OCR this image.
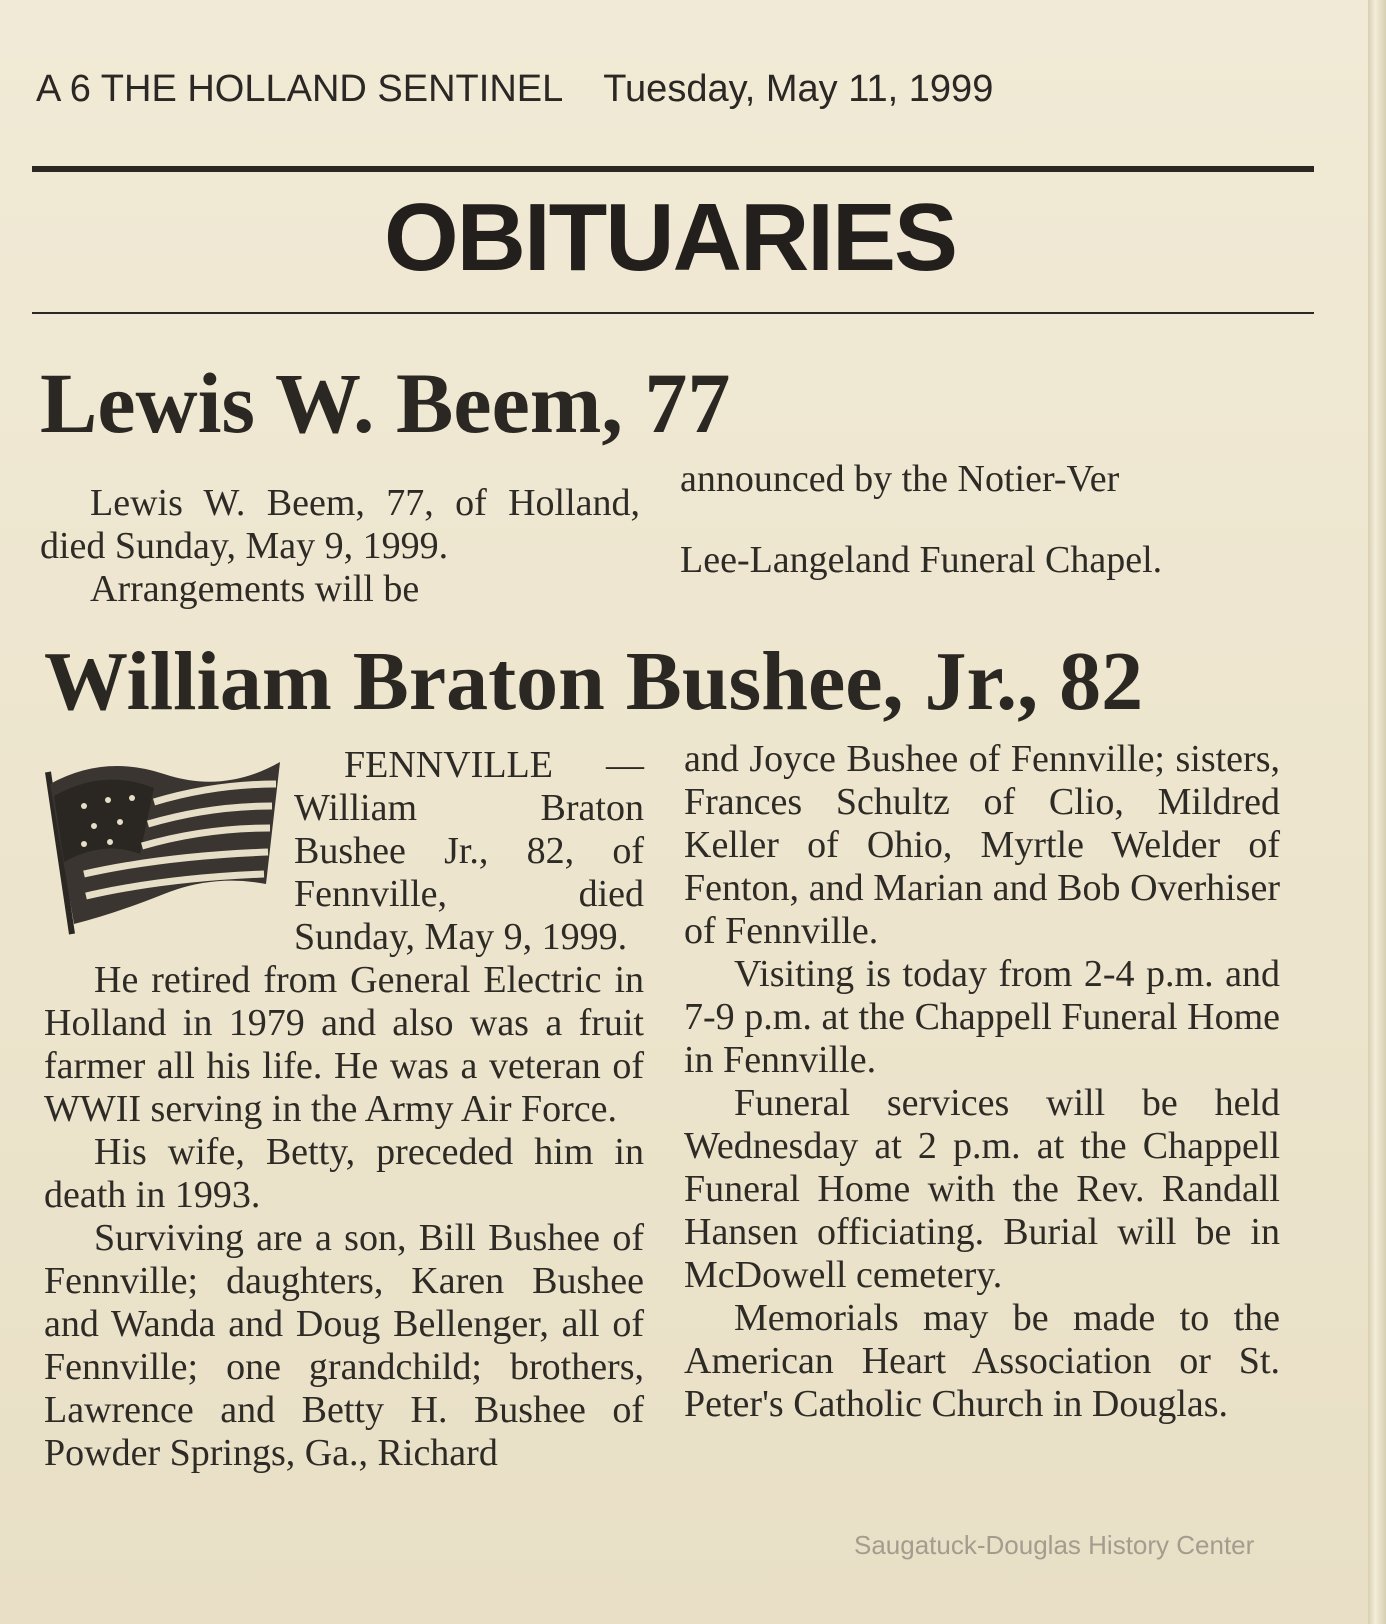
A 6 THE HOLLAND SENTINEL Tuesday, May 11, 1999
OBITUARIES
Lewis W. Beem, 77

Lewis W. Beem, 77, of Holland, died Sunday, May 9, 1999.

Arrangements will be

announced by the Notier-Ver

Lee-Langeland Funeral Chapel.

William Braton Bushee, Jr., 82

FENNVILLE — William Braton Bushee Jr., 82, of Fennville, died Sunday, May 9, 1999.

He retired from General Electric in Holland in 1979 and also was a fruit farmer all his life. He was a veteran of WWII serving in the Army Air Force.

His wife, Betty, preceded him in death in 1993.

Surviving are a son, Bill Bushee of Fennville; daughters, Karen Bushee and Wanda and Doug Bellenger, all of Fennville; one grandchild; brothers, Lawrence and Betty H. Bushee of Powder Springs, Ga., Richard

and Joyce Bushee of Fennville; sisters, Frances Schultz of Clio, Mildred Keller of Ohio, Myrtle Welder of Fenton, and Marian and Bob Overhiser of Fennville.

Visiting is today from 2-4 p.m. and 7-9 p.m. at the Chappell Funeral Home in Fennville.

Funeral services will be held Wednesday at 2 p.m. at the Chappell Funeral Home with the Rev. Randall Hansen officiating. Burial will be in McDowell cemetery.

Memorials may be made to the American Heart Association or St. Peter's Catholic Church in Douglas.

Saugatuck-Douglas History Center
